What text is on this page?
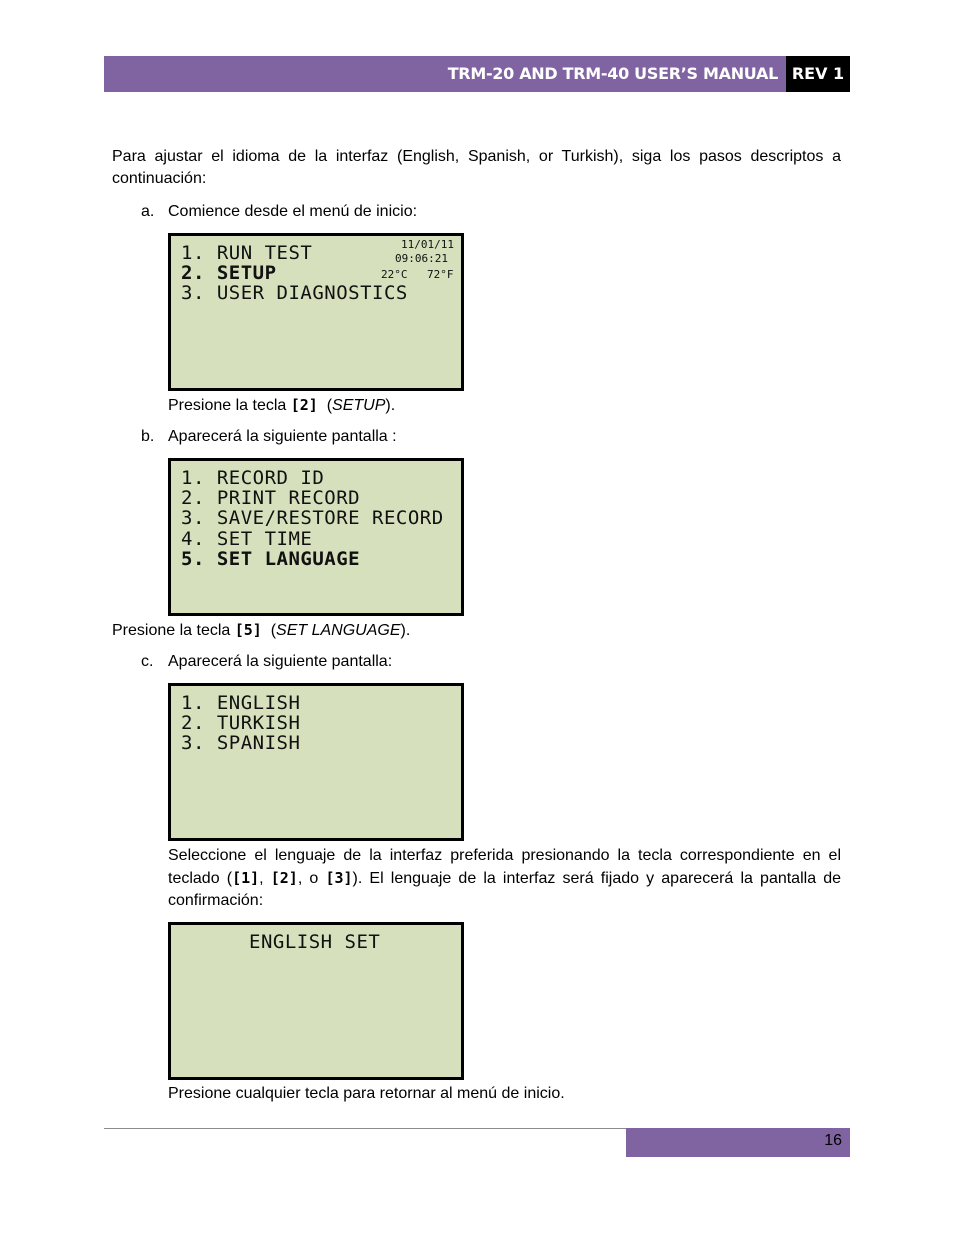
TRM-20 AND TRM-40 USER’S MANUAL REV 1

Para ajustar el idioma de la interfaz (English, Spanish, or Turkish), siga los pasos descriptos a continuación:

a. Comience desde el menú de inicio:

1. RUN TEST
2. SETUP
3. USER DIAGNOSTICS
11/01/11
09:06:21
22°C 72°F

Presione la tecla [2]  (SETUP).

b. Aparecerá la siguiente pantalla :

1. RECORD ID
2. PRINT RECORD
3. SAVE/RESTORE RECORD
4. SET TIME
5. SET LANGUAGE

Presione la tecla [5]  (SET LANGUAGE).

c. Aparecerá la siguiente pantalla:

1. ENGLISH
2. TURKISH
3. SPANISH

Seleccione el lenguaje de la interfaz preferida presionando la tecla correspondiente en el teclado ([1], [2], o [3]). El lenguaje de la interfaz será fijado y aparecerá la pantalla de confirmación:

ENGLISH SET

Presione cualquier tecla para retornar al menú de inicio.

16
